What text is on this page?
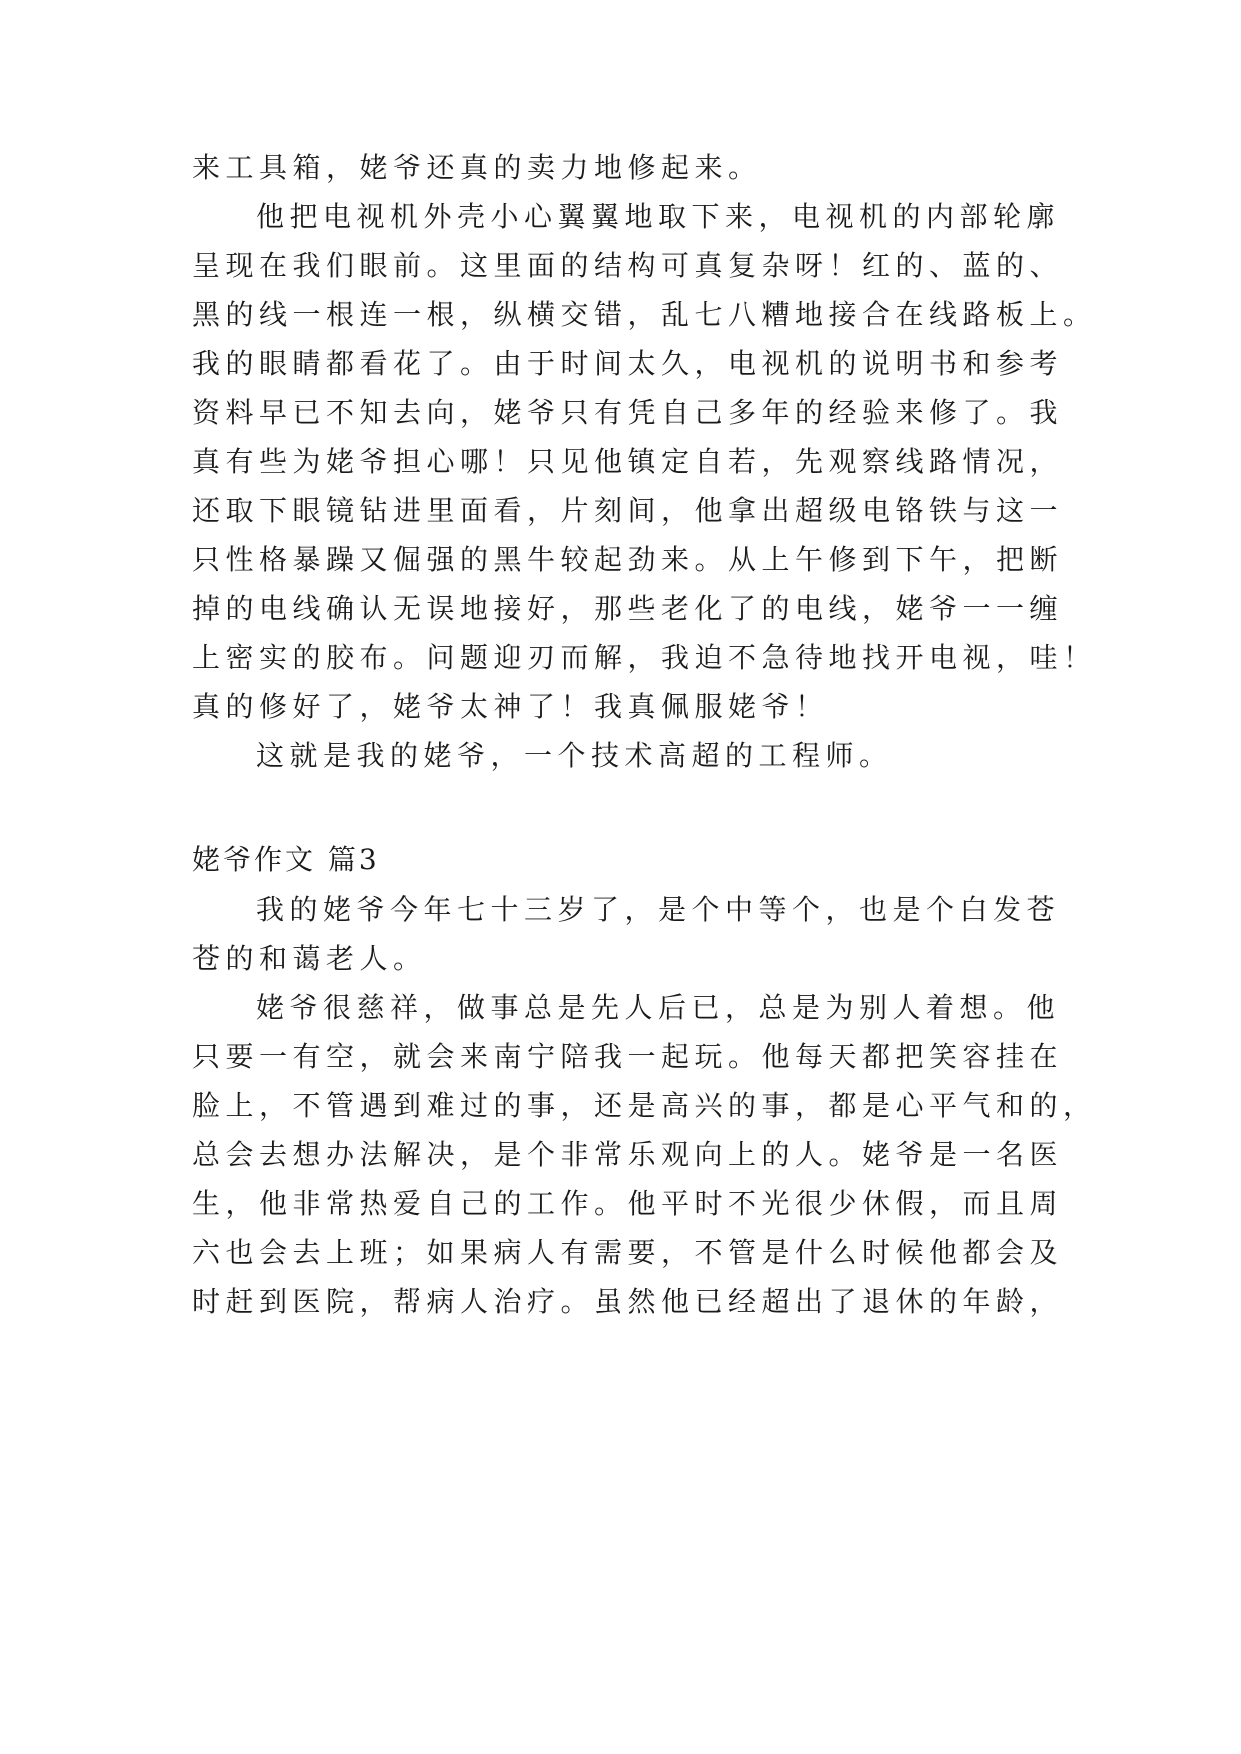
来工具箱，姥爷还真的卖力地修起来。

他把电视机外壳小心翼翼地取下来，电视机的内部轮廓

呈现在我们眼前。这里面的结构可真复杂呀！红的、蓝的、

黑的线一根连一根，纵横交错，乱七八糟地接合在线路板上。

我的眼睛都看花了。由于时间太久，电视机的说明书和参考

资料早已不知去向，姥爷只有凭自己多年的经验来修了。我

真有些为姥爷担心哪！只见他镇定自若，先观察线路情况，

还取下眼镜钻进里面看，片刻间，他拿出超级电铬铁与这一

只性格暴躁又倔强的黑牛较起劲来。从上午修到下午，把断

掉的电线确认无误地接好，那些老化了的电线，姥爷一一缠

上密实的胶布。问题迎刃而解，我迫不急待地找开电视，哇！

真的修好了，姥爷太神了！我真佩服姥爷！

这就是我的姥爷，一个技术高超的工程师。

姥爷作文 篇3

我的姥爷今年七十三岁了，是个中等个，也是个白发苍

苍的和蔼老人。

姥爷很慈祥，做事总是先人后已，总是为别人着想。他

只要一有空，就会来南宁陪我一起玩。他每天都把笑容挂在

脸上，不管遇到难过的事，还是高兴的事，都是心平气和的，

总会去想办法解决，是个非常乐观向上的人。姥爷是一名医

生，他非常热爱自己的工作。他平时不光很少休假，而且周

六也会去上班；如果病人有需要，不管是什么时候他都会及

时赶到医院，帮病人治疗。虽然他已经超出了退休的年龄，
